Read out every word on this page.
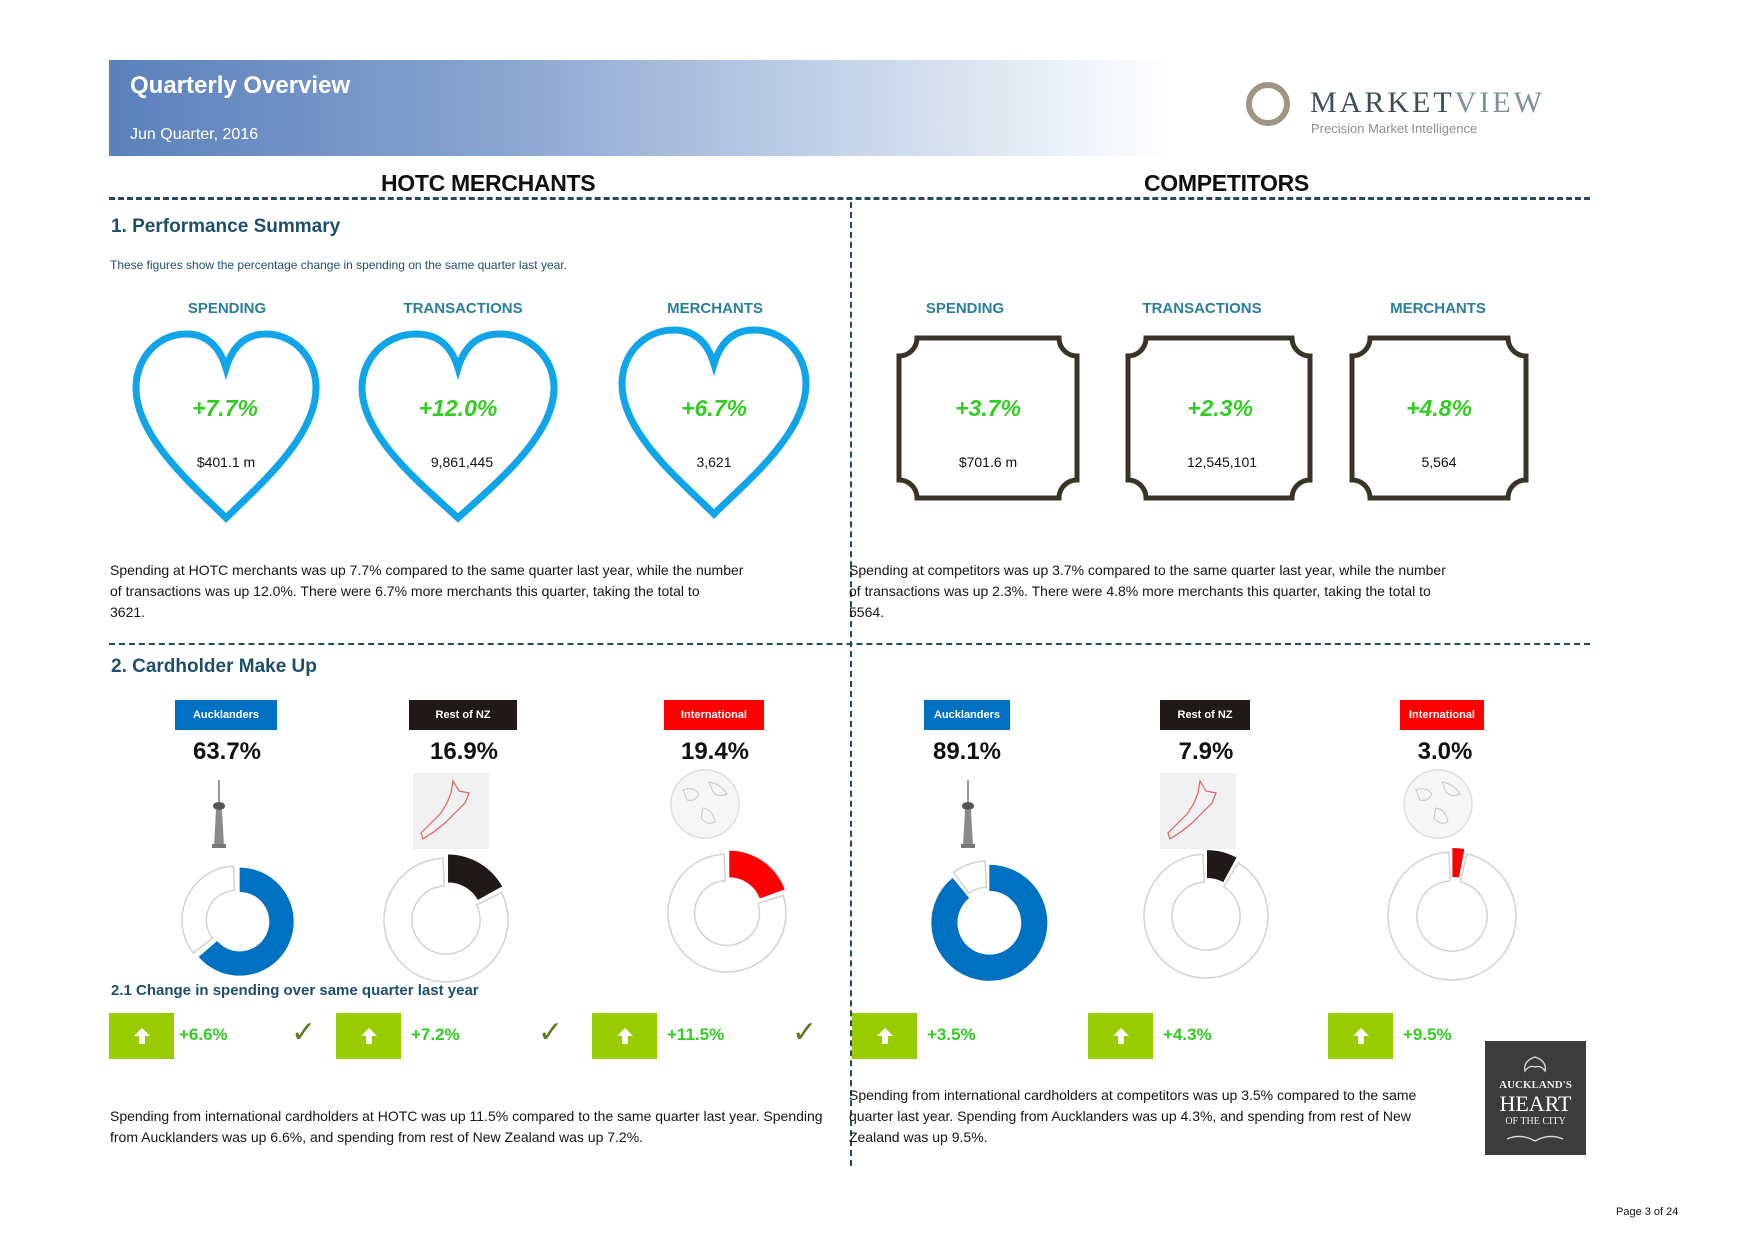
Quarterly Overview
Jun Quarter, 2016
MARKETVIEW
Precision Market Intelligence
HOTC MERCHANTS	COMPETITORS
1. Performance Summary
These figures show the percentage change in spending on the same quarter last year.
SPENDING	TRANSACTIONS	MERCHANTS
+7.7%	+12.0%	+6.7%
$401.1 m	9,861,445	3,621
SPENDING	TRANSACTIONS	MERCHANTS
+3.7%	+2.3%	+4.8%
$701.6 m	12,545,101	5,564
Spending at HOTC merchants was up 7.7% compared to the same quarter last year, while the number
of transactions was up 12.0%. There were 6.7% more merchants this quarter, taking the total to
3621.
Spending at competitors was up 3.7% compared to the same quarter last year, while the number
of transactions was up 2.3%. There were 4.8% more merchants this quarter, taking the total to
5564.
2. Cardholder Make Up
Aucklanders	Rest of NZ	International	Aucklanders	Rest of NZ	International
63.7%	16.9%	19.4%	89.1%	7.9%	3.0%
2.1 Change in spending over same quarter last year
+6.6% ✓	+7.2%	✓	+11.5% ✓	+3.5%	+4.3%	+9.5%
Spending from international cardholders at HOTC was up 11.5% compared to the same quarter last year. Spending
from Aucklanders was up 6.6%, and spending from rest of New Zealand was up 7.2%.
Spending from international cardholders at competitors was up 3.5% compared to the same
quarter last year. Spending from Aucklanders was up 4.3%, and spending from rest of New
Zealand was up 9.5%.
AUCKLAND'S
HEART
OF THE CITY
Page 3 of 24
